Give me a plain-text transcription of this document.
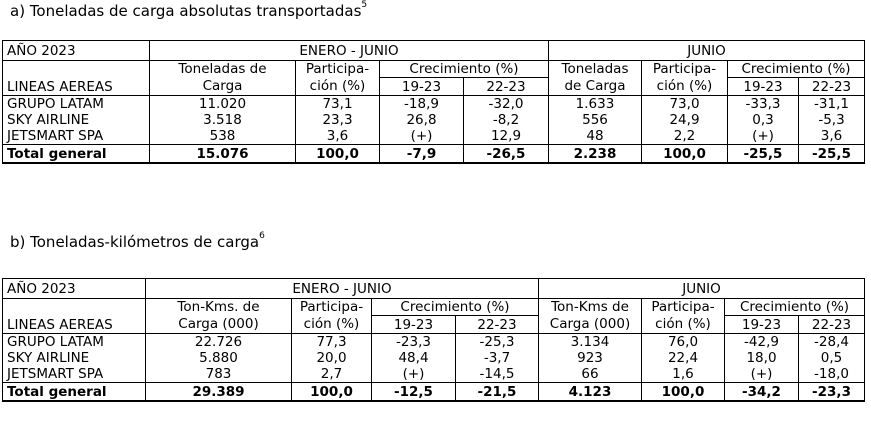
a) Toneladas de carga absolutas transportadas$^5$
AÑO 2023	ENERO - JUNIO				JUNIO			
LINEAS AEREAS	Toneladas de	Participa-	Crecimiento (%)		Toneladas	Participa-	Crecimiento (%)	
	Carga	ción (%)	19-23	22-23	de Carga	ción (%)	19-23	22-23
GRUPO LATAM	11.020	73,1	-18,9	-32,0	1.633	73,0	-33,3	-31,1
SKY AIRLINE	3.518	23,3	26,8	-8,2	556	24,9	0,3	-5,3
JETSMART SPA	538	3,6	(+)	12,9	48	2,2	(+)	3,6
Total general	15.076	100,0	-7,9	-26,5	2.238	100,0	-25,5	-25,5
b) Toneladas-kilómetros de carga$^6$
AÑO 2023	ENERO - JUNIO				JUNIO			
LINEAS AEREAS	Ton-Kms. de	Participa-	Crecimiento (%)		Ton-Kms de	Participa-	Crecimiento (%)	
	Carga (000)	ción (%)	19-23	22-23	Carga (000)	ción (%)	19-23	22-23
GRUPO LATAM	22.726	77,3	-23,3	-25,3	3.134	76,0	-42,9	-28,4
SKY AIRLINE	5.880	20,0	48,4	-3,7	923	22,4	18,0	0,5
JETSMART SPA	783	2,7	(+)	-14,5	66	1,6	(+)	-18,0
Total general	29.389	100,0	-12,5	-21,5	4.123	100,0	-34,2	-23,3
